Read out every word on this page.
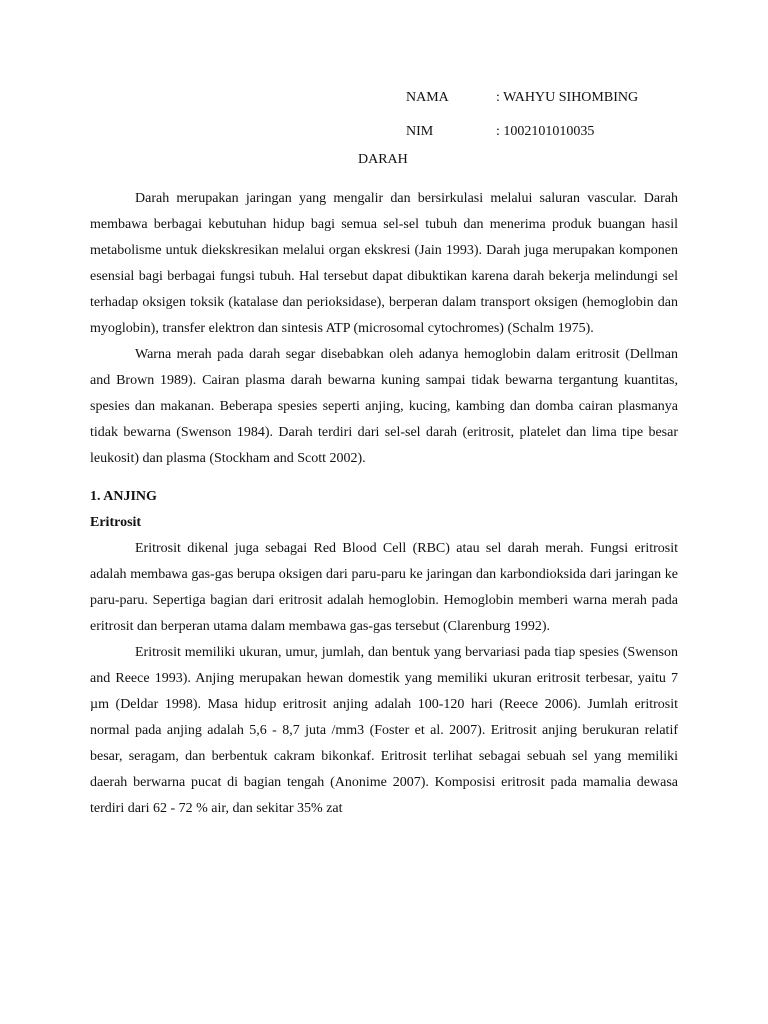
NAMA	: WAHYU SIHOMBING
NIM	: 1002101010035
DARAH

Darah merupakan jaringan yang mengalir dan bersirkulasi melalui saluran vascular. Darah membawa berbagai kebutuhan hidup bagi semua sel-sel tubuh dan menerima produk buangan hasil metabolisme untuk diekskresikan melalui organ ekskresi (Jain 1993). Darah juga merupakan komponen esensial bagi berbagai fungsi tubuh. Hal tersebut dapat dibuktikan karena darah bekerja melindungi sel terhadap oksigen toksik (katalase dan perioksidase), berperan dalam transport oksigen (hemoglobin dan myoglobin), transfer elektron dan sintesis ATP (microsomal cytochromes) (Schalm 1975).

Warna merah pada darah segar disebabkan oleh adanya hemoglobin dalam eritrosit (Dellman and Brown 1989). Cairan plasma darah bewarna kuning sampai tidak bewarna tergantung kuantitas, spesies dan makanan. Beberapa spesies seperti anjing, kucing, kambing dan domba cairan plasmanya tidak bewarna (Swenson 1984). Darah terdiri dari sel-sel darah (eritrosit, platelet dan lima tipe besar leukosit) dan plasma (Stockham and Scott 2002).

1. ANJING
Eritrosit

Eritrosit dikenal juga sebagai Red Blood Cell (RBC) atau sel darah merah. Fungsi eritrosit adalah membawa gas-gas berupa oksigen dari paru-paru ke jaringan dan karbondioksida dari jaringan ke paru-paru. Sepertiga bagian dari eritrosit adalah hemoglobin. Hemoglobin memberi warna merah pada eritrosit dan berperan utama dalam membawa gas-gas tersebut (Clarenburg 1992).

Eritrosit memiliki ukuran, umur, jumlah, dan bentuk yang bervariasi pada tiap spesies (Swenson and Reece 1993). Anjing merupakan hewan domestik yang memiliki ukuran eritrosit terbesar, yaitu 7 µm (Deldar 1998). Masa hidup eritrosit anjing adalah 100-120 hari (Reece 2006). Jumlah eritrosit normal pada anjing adalah 5,6 - 8,7 juta /mm3 (Foster et al. 2007). Eritrosit anjing berukuran relatif besar, seragam, dan berbentuk cakram bikonkaf. Eritrosit terlihat sebagai sebuah sel yang memiliki daerah berwarna pucat di bagian tengah (Anonime 2007). Komposisi eritrosit pada mamalia dewasa terdiri dari 62 - 72 % air, dan sekitar 35% zat
